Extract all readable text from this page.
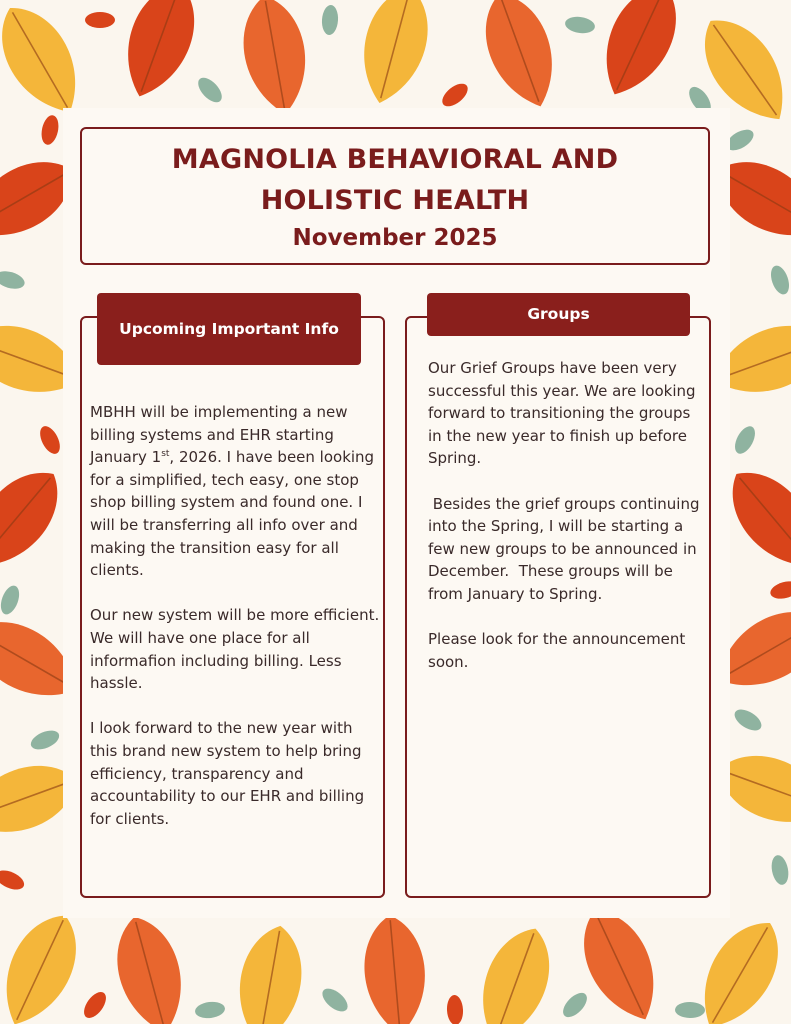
MAGNOLIA BEHAVIORAL AND
HOLISTIC HEALTH
November 2025
Upcoming Important Info
Groups

MBHH will be implementing a new billing systems and EHR starting January 1st, 2026. I have been looking for a simplified, tech easy, one stop shop billing system and found one. I will be transferring all info over and making the transition easy for all clients.

Our new system will be more efficient. We will have one place for all informafion including billing. Less hassle.

I look forward to the new year with this brand new system to help bring efficiency, transparency and accountability to our EHR and billing for clients.

Our Grief Groups have been very successful this year. We are looking forward to transitioning the groups in the new year to finish up before Spring.

Besides the grief groups continuing into the Spring, I will be starting a few new groups to be announced in December.  These groups will be from January to Spring.

Please look for the announcement soon.
